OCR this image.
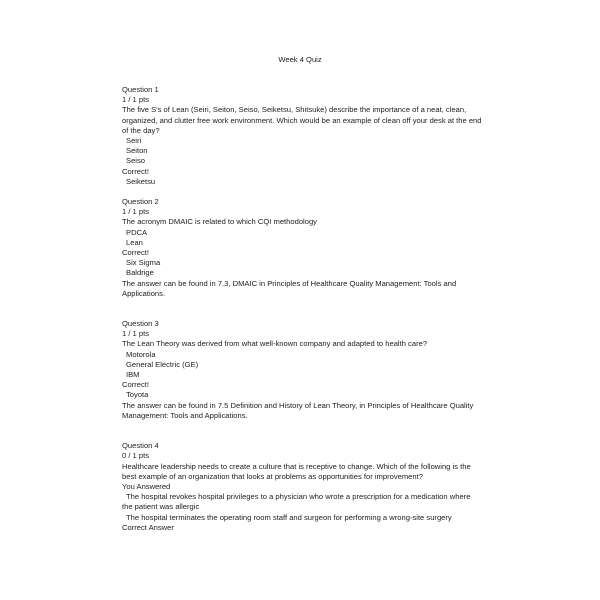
Week 4 Quiz
Question 1
1 / 1 pts
The five S's of Lean (Seiri, Seiton, Seiso, Seiketsu, Shitsuke) describe the importance of a neat, clean, organized, and clutter free work environment. Which would be an example of clean off your desk at the end of the day?
Seiri
Seiton
Seiso
Correct!
Seiketsu
Question 2
1 / 1 pts
The acronym DMAIC is related to which CQI methodology
PDCA
Lean
Correct!
Six Sigma
Baldrige
The answer can be found in 7.3, DMAIC in Principles of Healthcare Quality Management: Tools and Applications.
Question 3
1 / 1 pts
The Lean Theory was derived from what well-known company and adapted to health care?
Motorola
General Electric (GE)
IBM
Correct!
Toyota
The answer can be found in 7.5 Definition and History of Lean Theory, in Principles of Healthcare Quality Management: Tools and Applications.
Question 4
0 / 1 pts
Healthcare leadership needs to create a culture that is receptive to change. Which of the following is the best example of an organization that looks at problems as opportunities for improvement?
You Answered
The hospital revokes hospital privileges to a physician who wrote a prescription for a medication where the patient was allergic
The hospital terminates the operating room staff and surgeon for performing a wrong-site surgery
Correct Answer
